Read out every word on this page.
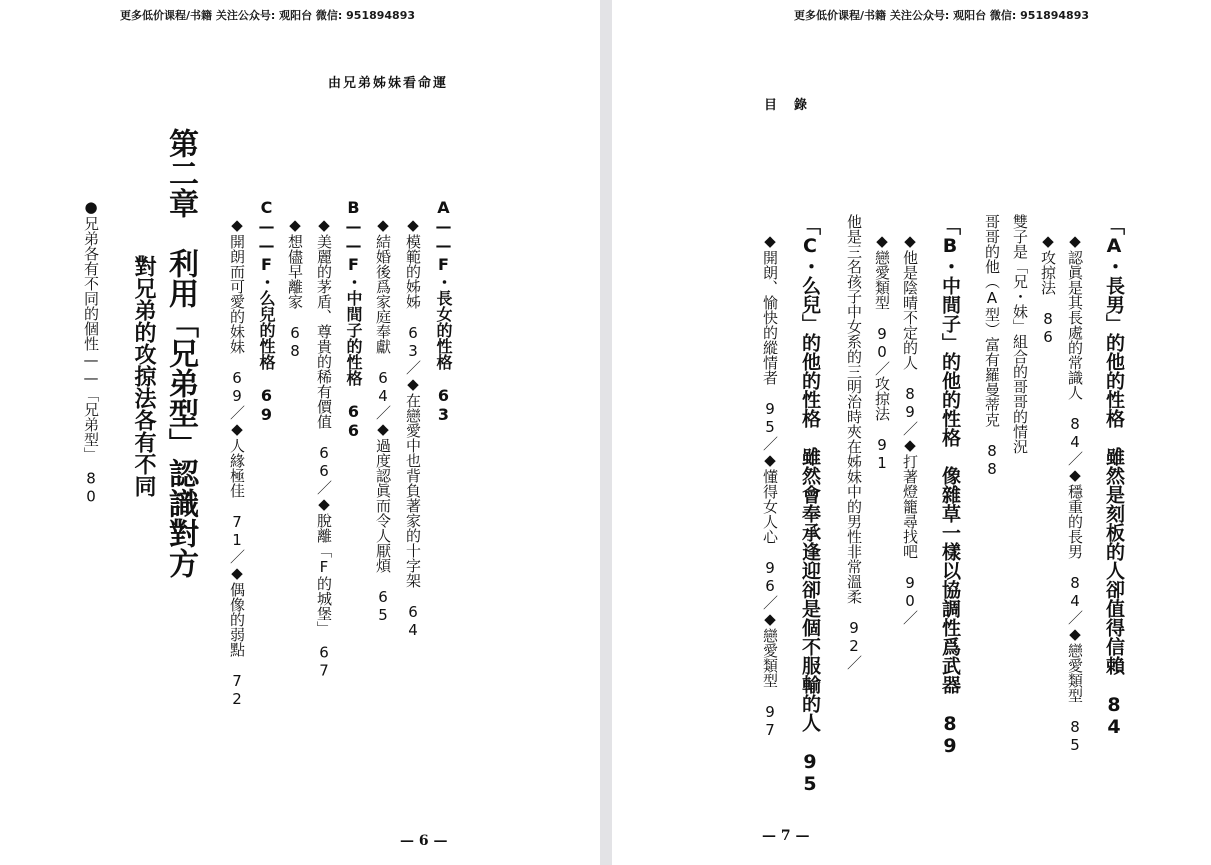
更多低价课程/书籍 关注公众号: 观阳台 微信: 951894893
由兄弟姊妹看命運
第二章　利用「兄弟型」認識對方
對兄弟的攻掠法各有不同	A——F・長女的性格　63
◆模範的姊姊　63／◆在戀愛中也背負著家的十字架　64
◆結婚後爲家庭奉獻　64／◆過度認眞而令人厭煩　65
B——F・中間子的性格　66
◆美麗的茅盾、尊貴的稀有價值　66／◆脫離「F的城堡」　67
◆想儘早離家　68
C——F・么兒的性格　69
◆開朗而可愛的妹妹　69／◆人緣極佳　71／◆偶像的弱點　72
●兄弟各有不同的個性——「兄弟型」　80
— 6 —
更多低价课程/书籍 关注公众号: 观阳台 微信: 951894893
目　錄
「A・長男」的他的性格　雖然是刻板的人卻值得信賴　84
◆認眞是其長處的常識人　84／◆穩重的長男　84／◆戀愛類型　85
◆攻掠法　86
雙子是「兄・妹」組合的哥哥的情況
哥哥的他（A型）富有羅曼蒂克　88
「B・中間子」的他的性格　像雜草一樣以協調性爲武器　89
◆他是陰晴不定的人　89／◆打著燈籠尋找吧　90／
◆戀愛類型　90／攻掠法　91
他是三名孩子中女系的三明治時夾在姊妹中的男性非常溫柔　92／
「C・么兒」的他的性格　雖然會奉承逢迎卻是個不服輸的人　95
◆開朗、愉快的縱情者　95／◆懂得女人心　96／◆戀愛類型　97
— 7 —
